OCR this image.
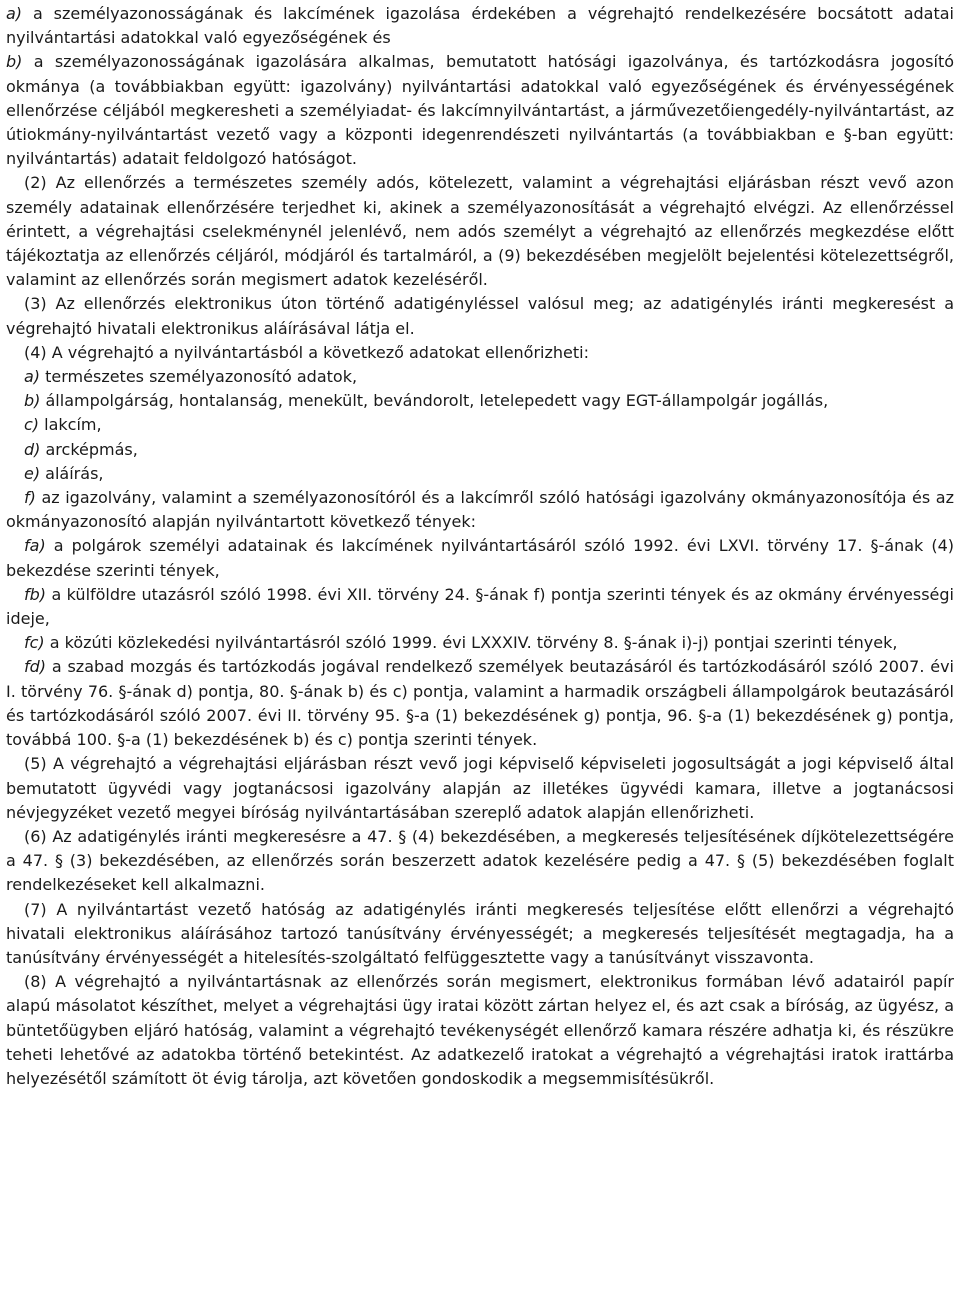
a) a személyazonosságának és lakcímének igazolása érdekében a végrehajtó rendelkezésére bocsátott adatai nyilvántartási adatokkal való egyezőségének és

b) a személyazonosságának igazolására alkalmas, bemutatott hatósági igazolványa, és tartózkodásra jogosító okmánya (a továbbiakban együtt: igazolvány) nyilvántartási adatokkal való egyezőségének és érvényességének ellenőrzése céljából megkeresheti a személyiadat- és lakcímnyilvántartást, a járművezetőiengedély-nyilvántartást, az útiokmány-nyilvántartást vezető vagy a központi idegenrendészeti nyilvántartás (a továbbiakban e §-ban együtt: nyilvántartás) adatait feldolgozó hatóságot.

(2) Az ellenőrzés a természetes személy adós, kötelezett, valamint a végrehajtási eljárásban részt vevő azon személy adatainak ellenőrzésére terjedhet ki, akinek a személyazonosítását a végrehajtó elvégzi. Az ellenőrzéssel érintett, a végrehajtási cselekménynél jelenlévő, nem adós személyt a végrehajtó az ellenőrzés megkezdése előtt tájékoztatja az ellenőrzés céljáról, módjáról és tartalmáról, a (9) bekezdésében megjelölt bejelentési kötelezettségről, valamint az ellenőrzés során megismert adatok kezeléséről.

(3) Az ellenőrzés elektronikus úton történő adatigényléssel valósul meg; az adatigénylés iránti megkeresést a végrehajtó hivatali elektronikus aláírásával látja el.

(4) A végrehajtó a nyilvántartásból a következő adatokat ellenőrizheti:

a) természetes személyazonosító adatok,

b) állampolgárság, hontalanság, menekült, bevándorolt, letelepedett vagy EGT-állampolgár jogállás,

c) lakcím,

d) arcképmás,

e) aláírás,

f) az igazolvány, valamint a személyazonosítóról és a lakcímről szóló hatósági igazolvány okmányazonosítója és az okmányazonosító alapján nyilvántartott következő tények:

fa) a polgárok személyi adatainak és lakcímének nyilvántartásáról szóló 1992. évi LXVI. törvény 17. §-ának (4) bekezdése szerinti tények,

fb) a külföldre utazásról szóló 1998. évi XII. törvény 24. §-ának f) pontja szerinti tények és az okmány érvényességi ideje,

fc) a közúti közlekedési nyilvántartásról szóló 1999. évi LXXXIV. törvény 8. §-ának i)-j) pontjai szerinti tények,

fd) a szabad mozgás és tartózkodás jogával rendelkező személyek beutazásáról és tartózkodásáról szóló 2007. évi I. törvény 76. §-ának d) pontja, 80. §-ának b) és c) pontja, valamint a harmadik országbeli állampolgárok beutazásáról és tartózkodásáról szóló 2007. évi II. törvény 95. §-a (1) bekezdésének g) pontja, 96. §-a (1) bekezdésének g) pontja, továbbá 100. §-a (1) bekezdésének b) és c) pontja szerinti tények.

(5) A végrehajtó a végrehajtási eljárásban részt vevő jogi képviselő képviseleti jogosultságát a jogi képviselő által bemutatott ügyvédi vagy jogtanácsosi igazolvány alapján az illetékes ügyvédi kamara, illetve a jogtanácsosi névjegyzéket vezető megyei bíróság nyilvántartásában szereplő adatok alapján ellenőrizheti.

(6) Az adatigénylés iránti megkeresésre a 47. § (4) bekezdésében, a megkeresés teljesítésének díjkötelezettségére a 47. § (3) bekezdésében, az ellenőrzés során beszerzett adatok kezelésére pedig a 47. § (5) bekezdésében foglalt rendelkezéseket kell alkalmazni.

(7) A nyilvántartást vezető hatóság az adatigénylés iránti megkeresés teljesítése előtt ellenőrzi a végrehajtó hivatali elektronikus aláírásához tartozó tanúsítvány érvényességét; a megkeresés teljesítését megtagadja, ha a tanúsítvány érvényességét a hitelesítés-szolgáltató felfüggesztette vagy a tanúsítványt visszavonta.

(8) A végrehajtó a nyilvántartásnak az ellenőrzés során megismert, elektronikus formában lévő adatairól papír alapú másolatot készíthet, melyet a végrehajtási ügy iratai között zártan helyez el, és azt csak a bíróság, az ügyész, a büntetőügyben eljáró hatóság, valamint a végrehajtó tevékenységét ellenőrző kamara részére adhatja ki, és részükre teheti lehetővé az adatokba történő betekintést. Az adatkezelő iratokat a végrehajtó a végrehajtási iratok irattárba helyezésétől számított öt évig tárolja, azt követően gondoskodik a megsemmisítésükről.
